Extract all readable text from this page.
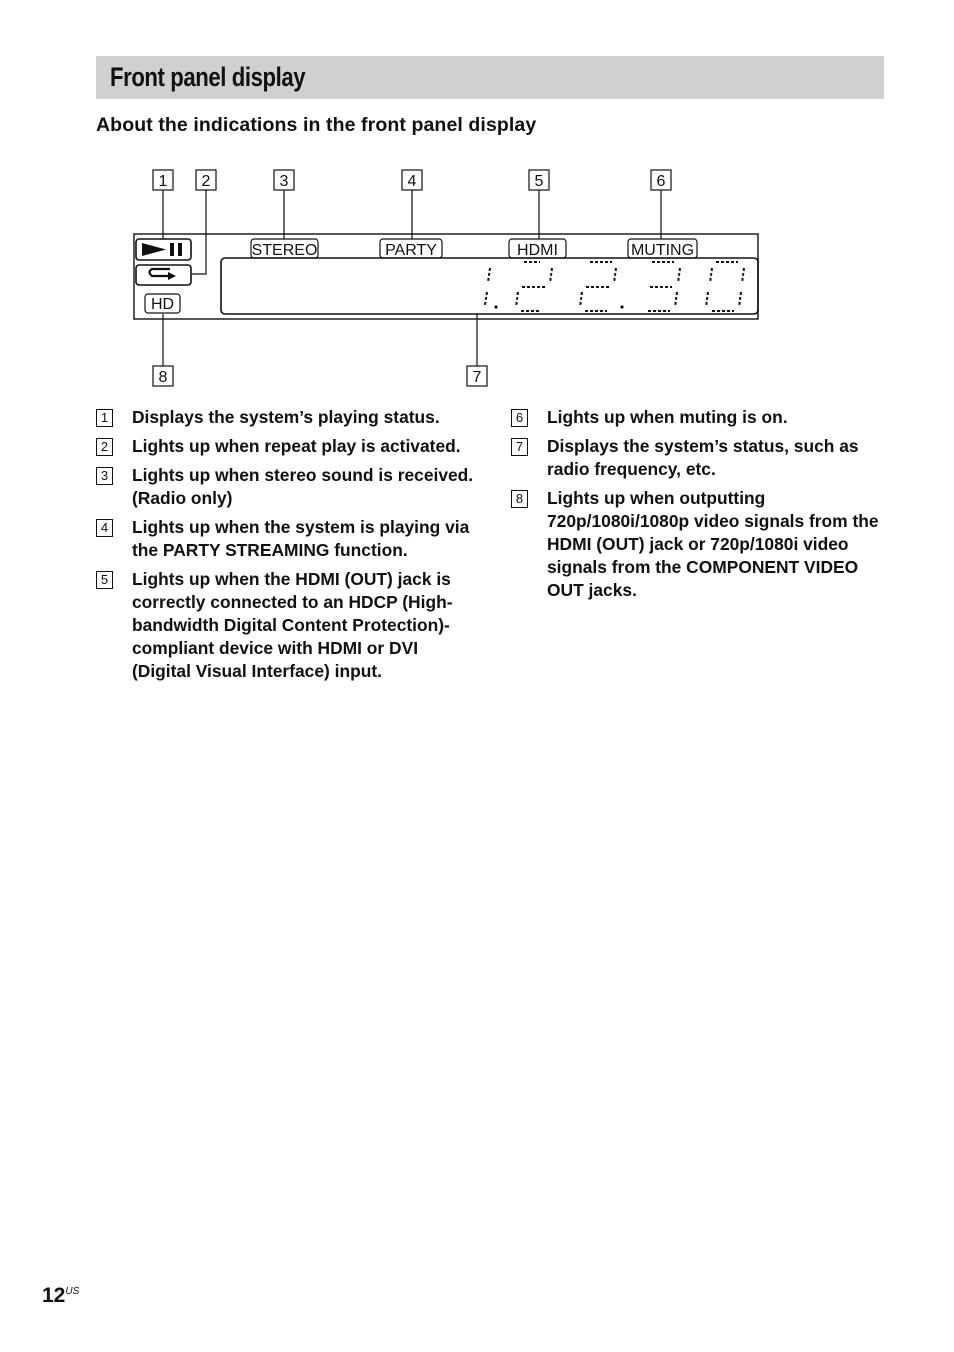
Front panel display
About the indications in the front panel display
1 2	3	4	5	6
8	7
HD
STEREO	PARTY	HDMI	MUTING
1 Displays the system’s playing status.
2 Lights up when repeat play is activated.
3 Lights up when stereo sound is received. (Radio only)
4 Lights up when the system is playing via the PARTY STREAMING function.
5 Lights up when the HDMI (OUT) jack is correctly connected to an HDCP (High-bandwidth Digital Content Protection)-compliant device with HDMI or DVI (Digital Visual Interface) input.
6 Lights up when muting is on.
7 Displays the system’s status, such as radio frequency, etc.
8 Lights up when outputting 720p/1080i/1080p video signals from the HDMI (OUT) jack or 720p/1080i video signals from the COMPONENT VIDEO OUT jacks.
$12^{US}$
